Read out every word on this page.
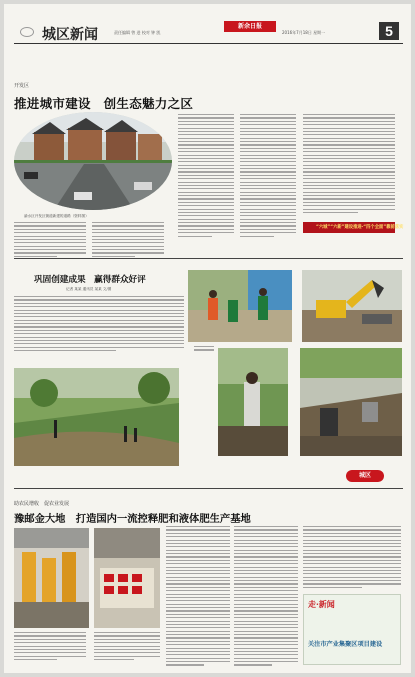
城区新闻	责任编辑 曾 进 校对 钟 凯
新余日报
2016年7月18日 星期一	5
开发区
推进城市建设　创生态魅力之区
渝水区开发区街道新建的道路（资料图）
“六城”“六新”建设推进·“四个全面”靠前落实
巩固创建成果　赢得群众好评
记者 某某 通讯员 某某 文/图
城区
助农民增收　促农业发展
豫邮金大地　打造国内一流控释肥和液体肥生产基地
走·新闻
关注市产业集聚区项目建设
